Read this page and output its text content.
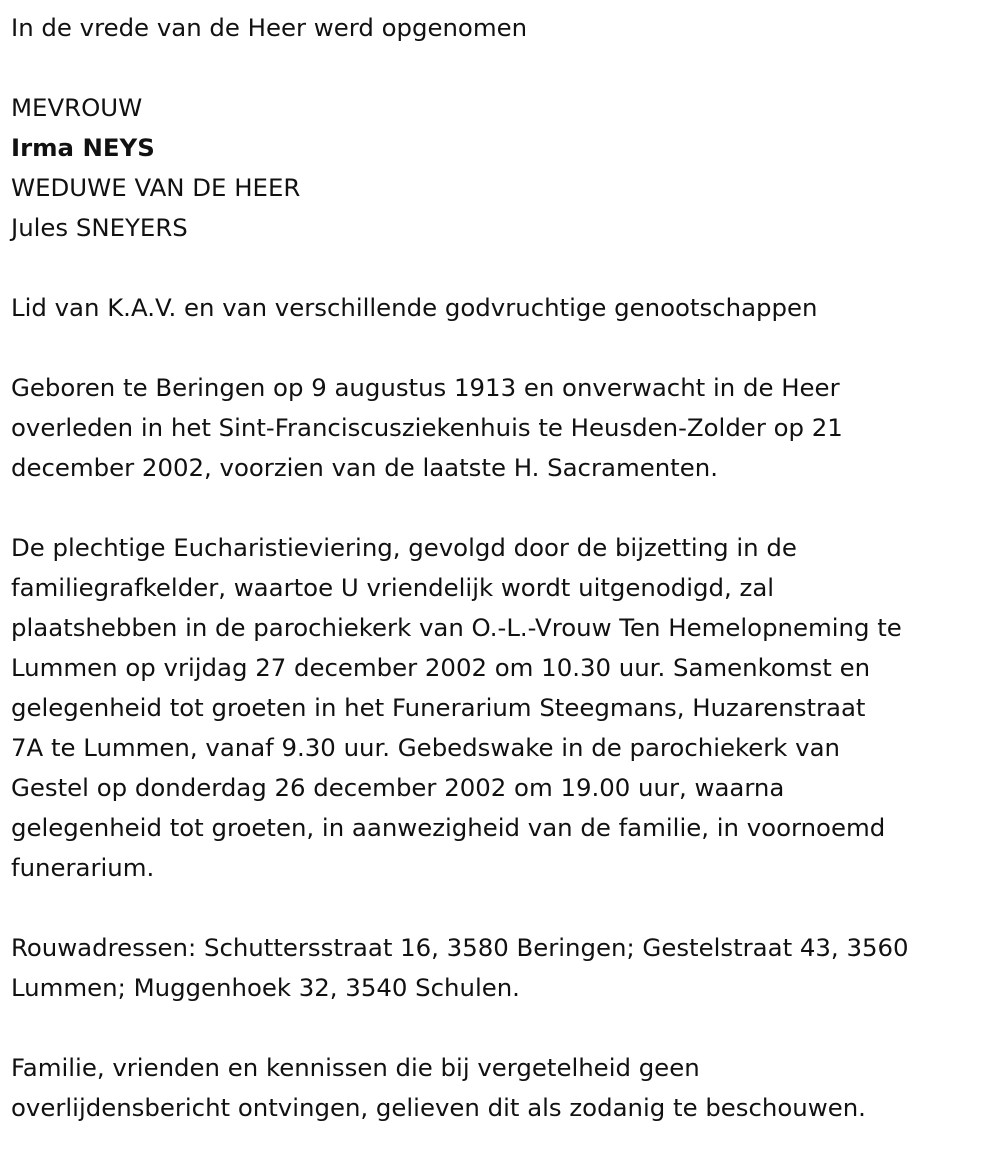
In de vrede van de Heer werd opgenomen

MEVROUW

Irma NEYS

WEDUWE VAN DE HEER

Jules SNEYERS

Lid van K.A.V. en van verschillende godvruchtige genootschappen

Geboren te Beringen op 9 augustus 1913 en onverwacht in de Heer
overleden in het Sint-Franciscusziekenhuis te Heusden-Zolder op 21
december 2002, voorzien van de laatste H. Sacramenten.

De plechtige Eucharistieviering, gevolgd door de bijzetting in de
familiegrafkelder, waartoe U vriendelijk wordt uitgenodigd, zal
plaatshebben in de parochiekerk van O.-L.-Vrouw Ten Hemelopneming te
Lummen op vrijdag 27 december 2002 om 10.30 uur. Samenkomst en
gelegenheid tot groeten in het Funerarium Steegmans, Huzarenstraat
7A te Lummen, vanaf 9.30 uur. Gebedswake in de parochiekerk van
Gestel op donderdag 26 december 2002 om 19.00 uur, waarna
gelegenheid tot groeten, in aanwezigheid van de familie, in voornoemd
funerarium.

Rouwadressen: Schuttersstraat 16, 3580 Beringen; Gestelstraat 43, 3560
Lummen; Muggenhoek 32, 3540 Schulen.

Familie, vrienden en kennissen die bij vergetelheid geen
overlijdensbericht ontvingen, gelieven dit als zodanig te beschouwen.
